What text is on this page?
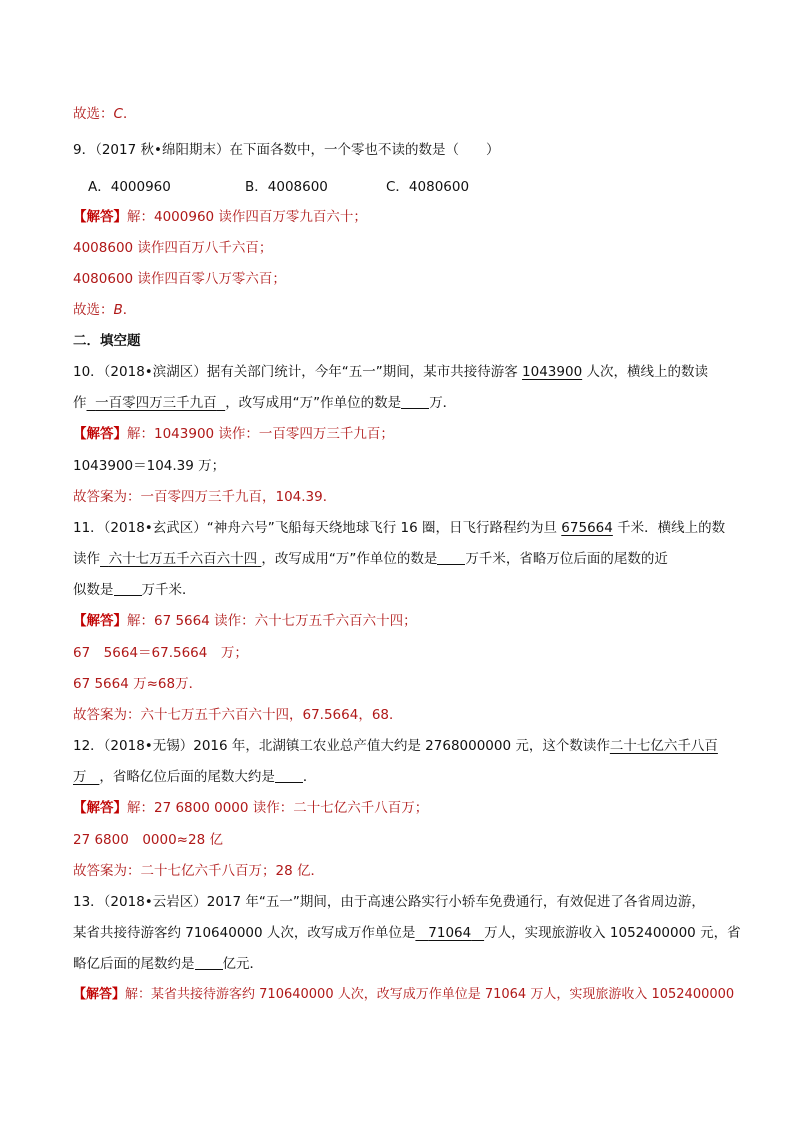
故选：C．
9．（2017 秋•绵阳期末）在下面各数中，一个零也不读的数是（　　）
A．4000960	B．4008600	C．4080600
【解答】解：4000960 读作四百万零九百六十；
4008600 读作四百万八千六百；
4080600 读作四百零八万零六百；
故选：B．
二．填空题
10．（2018•滨湖区）据有关部门统计，今年“五一”期间，某市共接待游客 1043900 人次，横线上的数读
作 一百零四万三千九百 ，改写成用“万”作单位的数是 万．
【解答】解：1043900 读作：一百零四万三千九百；
1043900＝104.39 万；
故答案为：一百零四万三千九百，104.39．
11．（2018•玄武区）“神舟六号”飞船每天绕地球飞行 16 圈，日飞行路程约为旦 675664 千米．横线上的数
读作 六十七万五千六百六十四 ，改写成用“万”作单位的数是 万千米，省略万位后面的尾数的近
似数是 万千米．
【解答】解：67 5664 读作：六十七万五千六百六十四；
67　5664＝67.5664　万；
67 5664 万≈68万．
故答案为：六十七万五千六百六十四，67.5664，68．
12．（2018•无锡）2016 年，北湖镇工农业总产值大约是 2768000000 元，这个数读作二十七亿六千八百
万 ，省略亿位后面的尾数大约是 ．
【解答】解：27 6800 0000 读作：二十七亿六千八百万；
27 6800　0000≈28 亿
故答案为：二十七亿六千八百万；28 亿．
13．（2018•云岩区）2017 年“五一”期间，由于高速公路实行小轿车免费通行，有效促进了各省周边游，
某省共接待游客约 710640000 人次，改写成万作单位是 71064 万人，实现旅游收入 1052400000 元，省
略亿后面的尾数约是 亿元．
【解答】解：某省共接待游客约 710640000 人次，改写成万作单位是 71064 万人，实现旅游收入 1052400000
